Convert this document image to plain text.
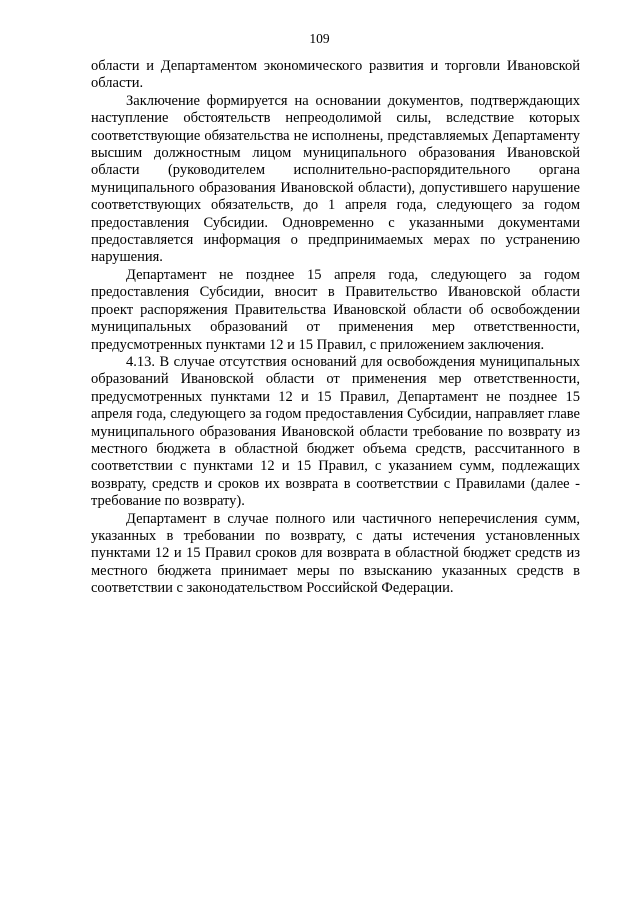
109

области и Департаментом экономического развития и торговли Ивановской области.

Заключение формируется на основании документов, подтверждающих наступление обстоятельств непреодолимой силы, вследствие которых соответствующие обязательства не исполнены, представляемых Департаменту высшим должностным лицом муниципального образования Ивановской области (руководителем исполнительно-распорядительного органа муниципального образования Ивановской области), допустившего нарушение соответствующих обязательств, до 1 апреля года, следующего за годом предоставления Субсидии. Одновременно с указанными документами предоставляется информация о предпринимаемых мерах по устранению нарушения.

Департамент не позднее 15 апреля года, следующего за годом предоставления Субсидии, вносит в Правительство Ивановской области проект распоряжения Правительства Ивановской области об освобождении муниципальных образований от применения мер ответственности, предусмотренных пунктами 12 и 15 Правил, с приложением заключения.

4.13. В случае отсутствия оснований для освобождения муниципальных образований Ивановской области от применения мер ответственности, предусмотренных пунктами 12 и 15 Правил, Департамент не позднее 15 апреля года, следующего за годом предоставления Субсидии, направляет главе муниципального образования Ивановской области требование по возврату из местного бюджета в областной бюджет объема средств, рассчитанного в соответствии с пунктами 12 и 15 Правил, с указанием сумм, подлежащих возврату, средств и сроков их возврата в соответствии с Правилами (далее - требование по возврату).

Департамент в случае полного или частичного неперечисления сумм, указанных в требовании по возврату, с даты истечения установленных пунктами 12 и 15 Правил сроков для возврата в областной бюджет средств из местного бюджета принимает меры по взысканию указанных средств в соответствии с законодательством Российской Федерации.
